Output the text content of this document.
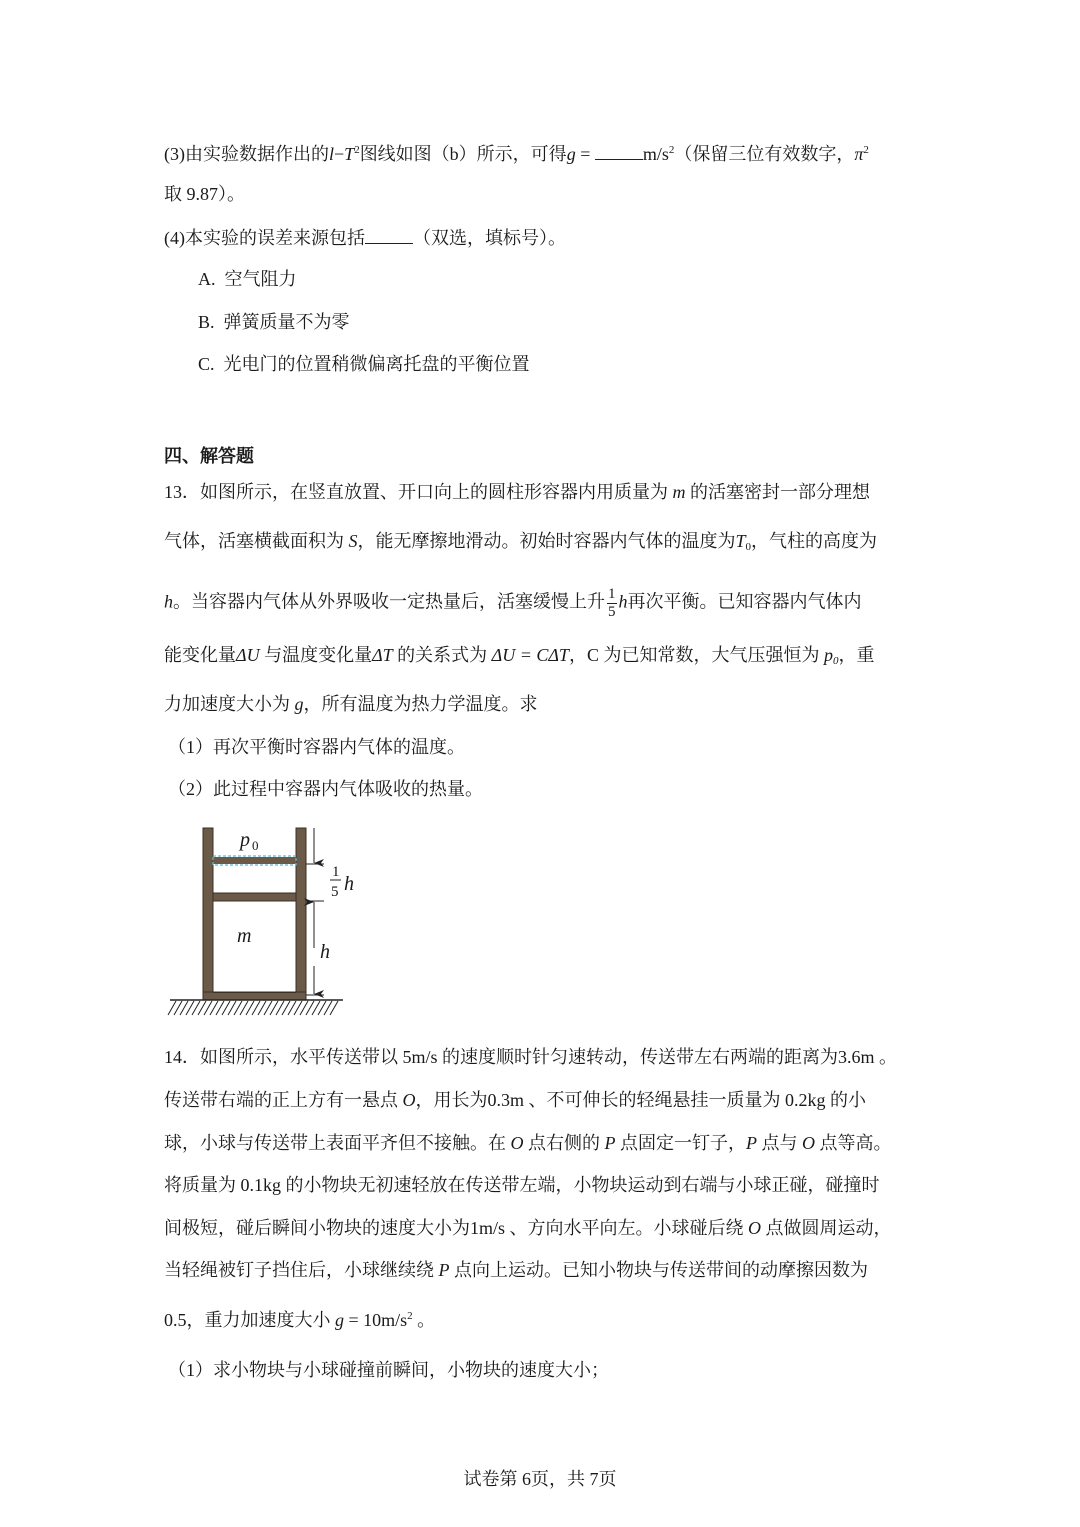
(3)由实验数据作出的$l-T^2$图线如图（b）所示，可得g =	$m/s^2$（保留三位有效数字，$\pi^2$
取 9.87）。
(4)本实验的误差来源包括	（双选，填标号）。
A. 空气阻力
B. 弹簧质量不为零
C. 光电门的位置稍微偏离托盘的平衡位置
四、解答题
13．如图所示，在竖直放置、开口向上的圆柱形容器内用质量为 m 的活塞密封一部分理想
气体，活塞横截面积为 S，能无摩擦地滑动。初始时容器内气体的温度为$T_0$，气柱的高度为
h。当容器内气体从外界吸收一定热量后，活塞缓慢上升 $\frac{1}{5}$ h再次平衡。已知容器内气体内
能变化量ΔU 与温度变化量ΔT 的关系式为 ΔU = CΔT，C 为已知常数，大气压强恒为 $p_0$，重
力加速度大小为 g，所有温度为热力学温度。求
（1）再次平衡时容器内气体的温度。
（2）此过程中容器内气体吸收的热量。
p 0
m
1
5 h
h
14．如图所示，水平传送带以 5m/s 的速度顺时针匀速转动，传送带左右两端的距离为3.6m 。
传送带右端的正上方有一悬点 O，用长为0.3m 、不可伸长的轻绳悬挂一质量为 0.2kg 的小
球，小球与传送带上表面平齐但不接触。在 O 点右侧的 P 点固定一钉子，P 点与 O 点等高。
将质量为 0.1kg 的小物块无初速轻放在传送带左端，小物块运动到右端与小球正碰，碰撞时
间极短，碰后瞬间小物块的速度大小为1m/s 、方向水平向左。小球碰后绕 O 点做圆周运动，
当轻绳被钉子挡住后，小球继续绕 P 点向上运动。已知小物块与传送带间的动摩擦因数为
0.5，重力加速度大小 $g = 10m/s^2$ 。
（1）求小物块与小球碰撞前瞬间，小物块的速度大小；
试卷第 6页，共 7页
